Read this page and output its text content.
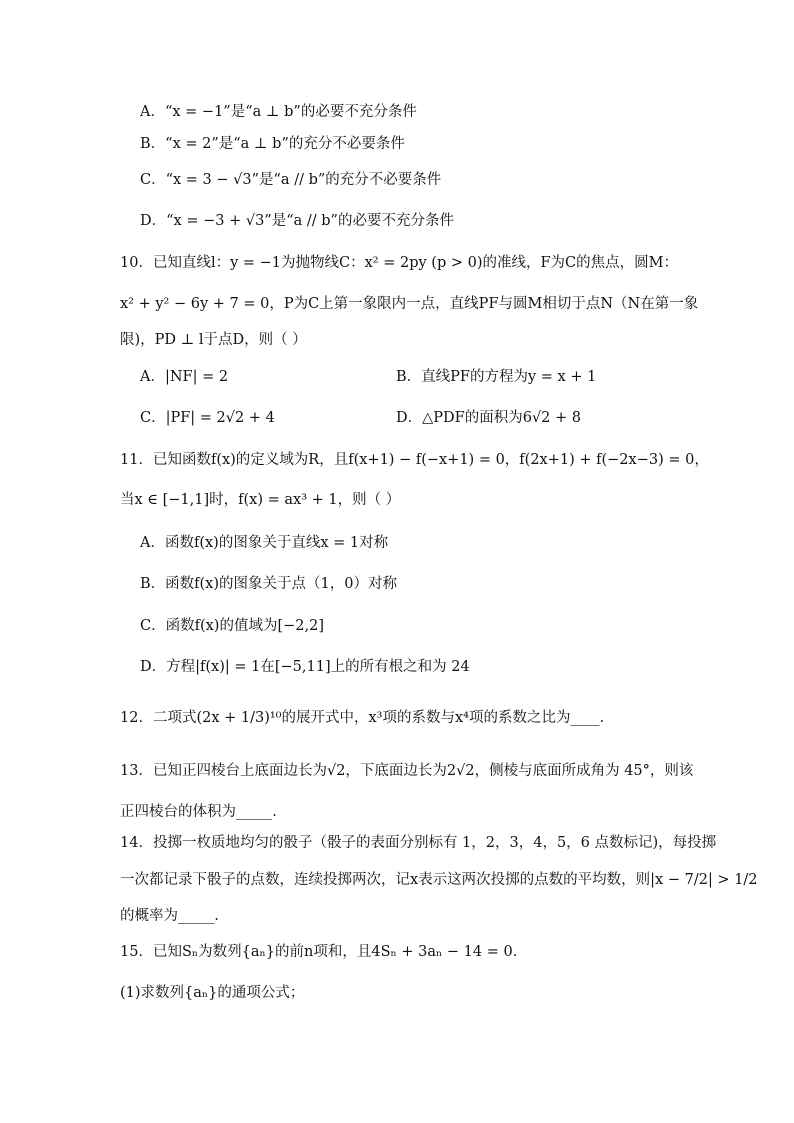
A．“x = −1”是“a ⊥ b”的必要不充分条件
B．“x = 2”是“a ⊥ b”的充分不必要条件
C．“x = 3 − √3”是“a // b”的充分不必要条件
D．“x = −3 + √3”是“a // b”的必要不充分条件
10．已知直线l：y = −1为抛物线C：x² = 2py (p > 0)的准线，F为C的焦点，圆M：
x² + y² − 6y + 7 = 0，P为C上第一象限内一点，直线PF与圆M相切于点N（N在第一象
限)，PD ⊥ l于点D，则（ ）
A．|NF| = 2	B．直线PF的方程为y = x + 1
C．|PF| = 2√2 + 4	D．△PDF的面积为6√2 + 8
11．已知函数f(x)的定义域为R，且f(x+1) − f(−x+1) = 0，f(2x+1) + f(−2x−3) = 0，
当x ∈ [−1,1]时，f(x) = ax³ + 1，则（ ）
A．函数f(x)的图象关于直线x = 1对称
B．函数f(x)的图象关于点（1，0）对称
C．函数f(x)的值域为[−2,2]
D．方程|f(x)| = 1在[−5,11]上的所有根之和为 24
12．二项式(2x + 1/3)¹⁰的展开式中，x³项的系数与x⁴项的系数之比为____.
13．已知正四棱台上底面边长为√2，下底面边长为2√2，侧棱与底面所成角为 45°，则该
正四棱台的体积为_____.
14．投掷一枚质地均匀的骰子（骰子的表面分别标有 1，2，3，4，5，6 点数标记)，每投掷
一次都记录下骰子的点数，连续投掷两次，记x表示这两次投掷的点数的平均数，则|x − 7/2| > 1/2
的概率为_____.
15．已知Sₙ为数列{aₙ}的前n项和，且4Sₙ + 3aₙ − 14 = 0.
(1)求数列{aₙ}的通项公式；
